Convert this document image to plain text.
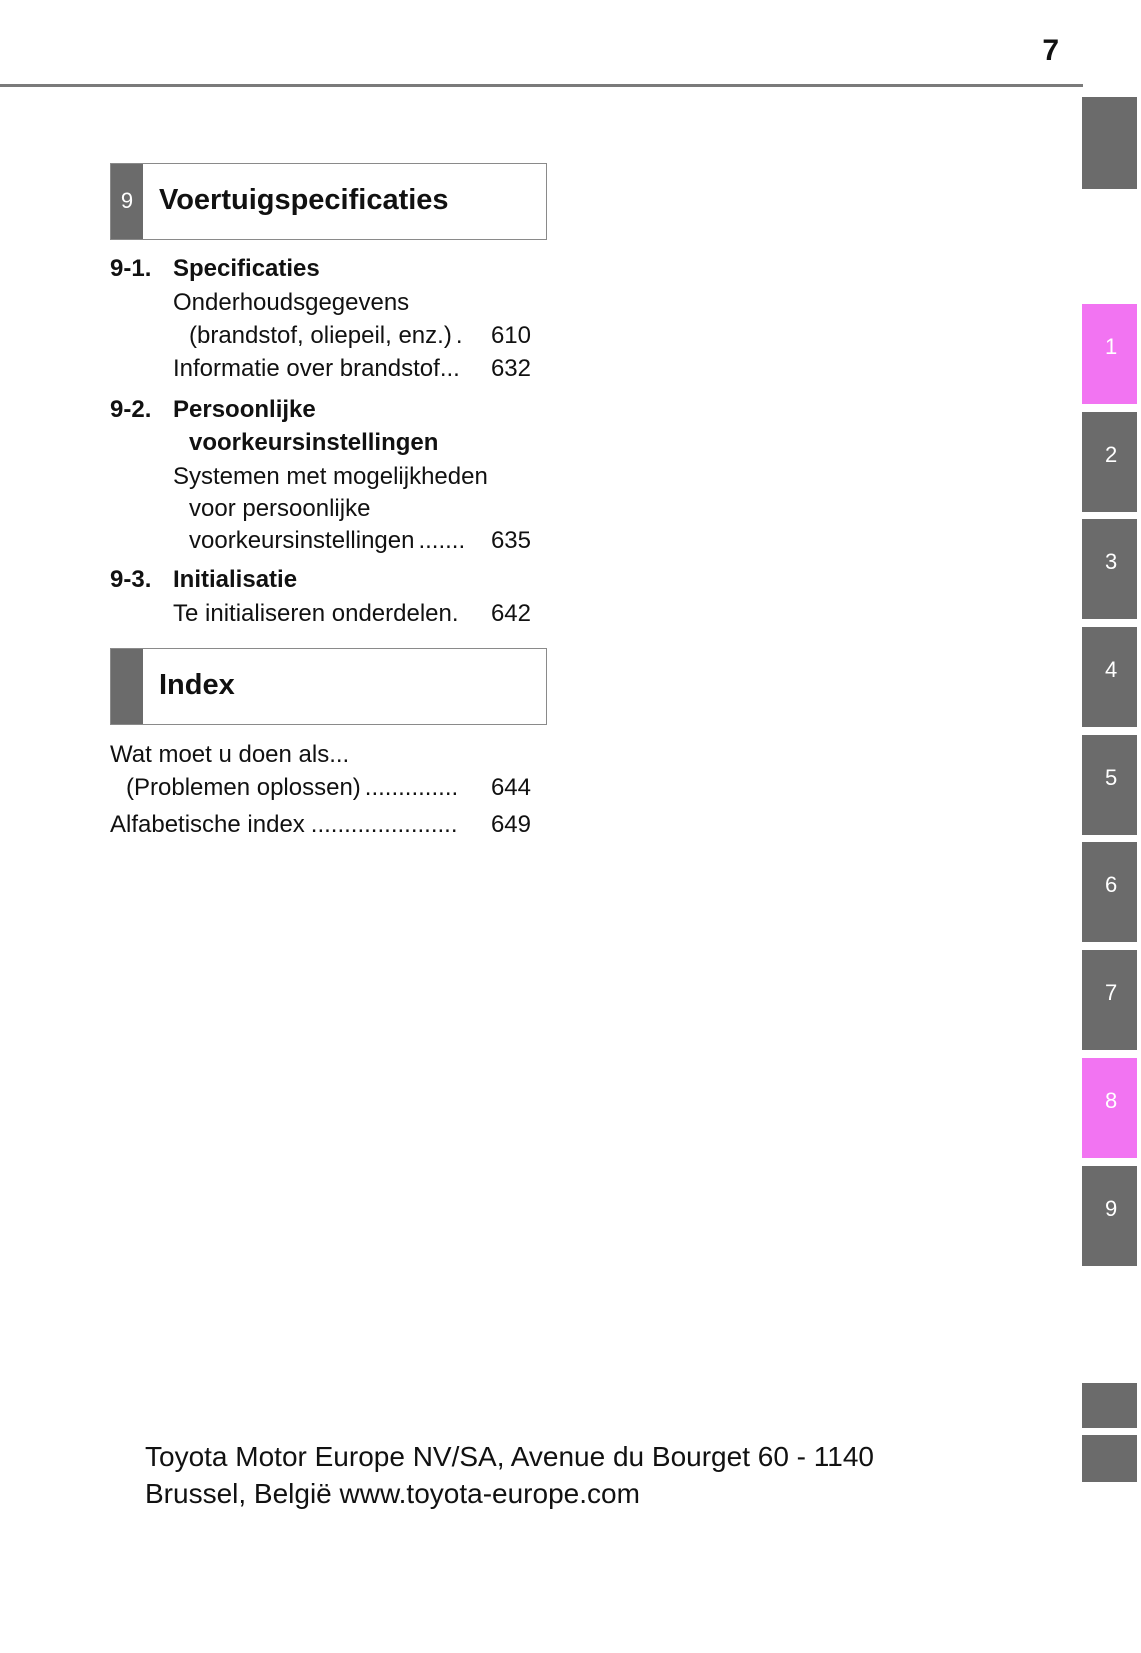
7
1
2
3
4
5
6
7
8
9
9 Voertuigspecificaties
9-1. Specificaties
Onderhoudsgegevens
(brandstof, oliepeil, enz.) . 610
Informatie over brandstof ... 632
9-2. Persoonlijke
voorkeursinstellingen
Systemen met mogelijkheden
voor persoonlijke
voorkeursinstellingen ....... 635
9-3. Initialisatie
Te initialiseren onderdelen . 642
Index
Wat moet u doen als...
(Problemen oplossen) .............. 644
Alfabetische index ...................... 649
Toyota Motor Europe NV/SA, Avenue du Bourget 60 - 1140
Brussel, België www.toyota-europe.com
